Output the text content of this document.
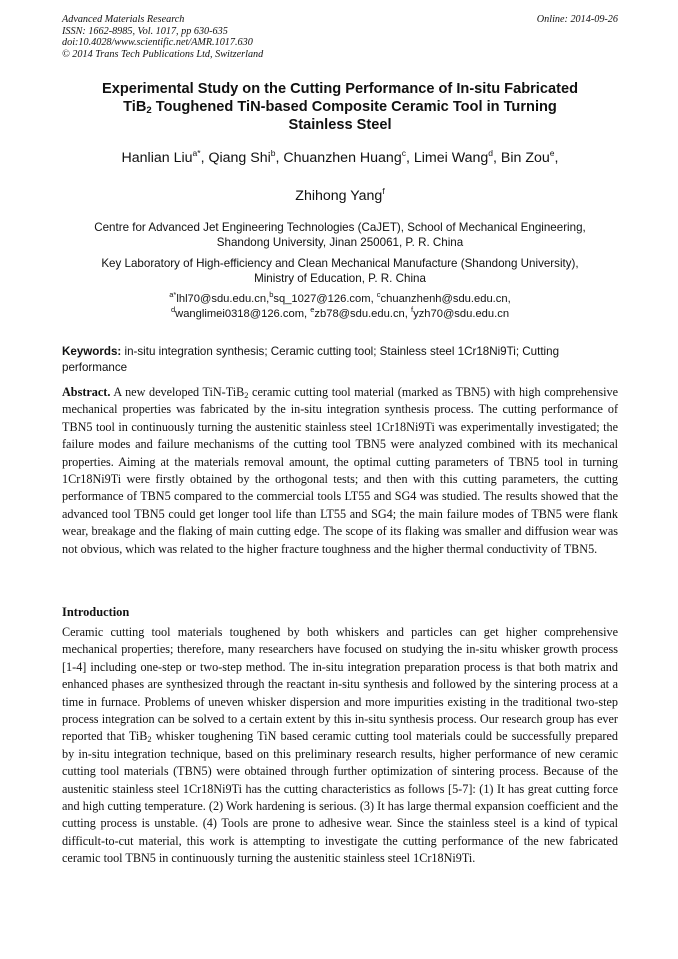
Advanced Materials Research	Online: 2014-09-26
ISSN: 1662-8985, Vol. 1017, pp 630-635
doi:10.4028/www.scientific.net/AMR.1017.630
© 2014 Trans Tech Publications Ltd, Switzerland
Experimental Study on the Cutting Performance of In-situ Fabricated
TiB$_2$ Toughened TiN-based Composite Ceramic Tool in Turning
Stainless Steel
Hanlian Liu$^{a*}$, Qiang Shi$^b$, Chuanzhen Huang$^c$, Limei Wang$^d$, Bin Zou$^e$,
Zhihong Yang$^f$
Centre for Advanced Jet Engineering Technologies (CaJET), School of Mechanical Engineering,
Shandong University, Jinan 250061, P. R. China
Key Laboratory of High-efficiency and Clean Mechanical Manufacture (Shandong University),
Ministry of Education, P. R. China
$^{a*}$lhl70@sdu.edu.cn,$^b$sq_1027@126.com, $^c$chuanzhenh@sdu.edu.cn,
$^d$wanglimei0318@126.com, $^e$zb78@sdu.edu.cn, $^f$yzh70@sdu.edu.cn
Keywords: in-situ integration synthesis; Ceramic cutting tool; Stainless steel 1Cr18Ni9Ti; Cutting performance
Abstract. A new developed TiN-TiB$_2$ ceramic cutting tool material (marked as TBN5) with high comprehensive mechanical properties was fabricated by the in-situ integration synthesis process. The cutting performance of TBN5 tool in continuously turning the austenitic stainless steel 1Cr18Ni9Ti was experimentally investigated; the failure modes and failure mechanisms of the cutting tool TBN5 were analyzed combined with its mechanical properties. Aiming at the materials removal amount, the optimal cutting parameters of TBN5 tool in turning 1Cr18Ni9Ti were firstly obtained by the orthogonal tests; and then with this cutting parameters, the cutting performance of TBN5 compared to the commercial tools LT55 and SG4 was studied. The results showed that the advanced tool TBN5 could get longer tool life than LT55 and SG4; the main failure modes of TBN5 were flank wear, breakage and the flaking of main cutting edge. The scope of its flaking was smaller and diffusion wear was not obvious, which was related to the higher fracture toughness and the higher thermal conductivity of TBN5.
Introduction
Ceramic cutting tool materials toughened by both whiskers and particles can get higher comprehensive mechanical properties; therefore, many researchers have focused on studying the in-situ whisker growth process [1-4] including one-step or two-step method. The in-situ integration preparation process is that both matrix and enhanced phases are synthesized through the reactant in-situ synthesis and followed by the sintering process at a time in furnace. Problems of uneven whisker dispersion and more impurities existing in the traditional two-step process integration can be solved to a certain extent by this in-situ synthesis process. Our research group has ever reported that TiB$_2$ whisker toughening TiN based ceramic cutting tool materials could be successfully prepared by in-situ integration technique, based on this preliminary research results, higher performance of new ceramic cutting tool materials (TBN5) were obtained through further optimization of sintering process. Because of the austenitic stainless steel 1Cr18Ni9Ti has the cutting characteristics as follows [5-7]: (1) It has great cutting force and high cutting temperature. (2) Work hardening is serious. (3) It has large thermal expansion coefficient and the cutting process is unstable. (4) Tools are prone to adhesive wear. Since the stainless steel is a kind of typical difficult-to-cut material, this work is attempting to investigate the cutting performance of the new fabricated ceramic tool TBN5 in continuously turning the austenitic stainless steel 1Cr18Ni9Ti.
